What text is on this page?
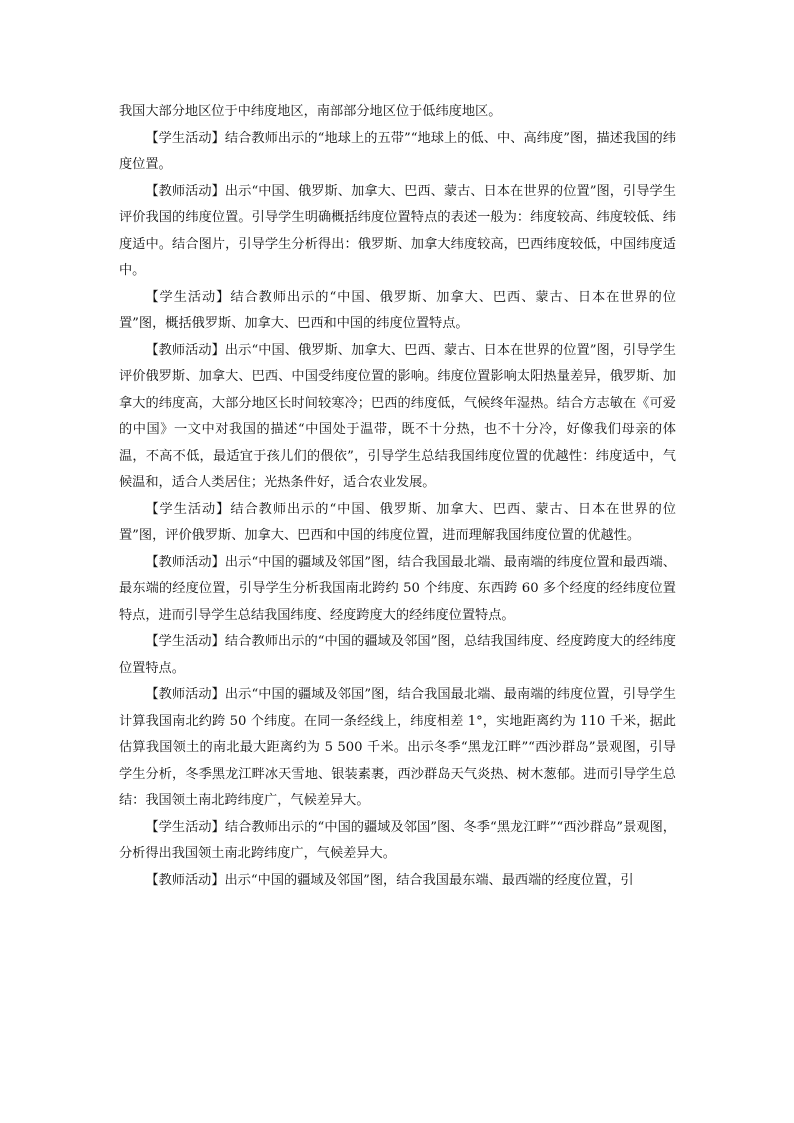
我国大部分地区位于中纬度地区，南部部分地区位于低纬度地区。

【学生活动】结合教师出示的“地球上的五带”“地球上的低、中、高纬度”图，描述我国的纬度位置。

【教师活动】出示“中国、俄罗斯、加拿大、巴西、蒙古、日本在世界的位置”图，引导学生评价我国的纬度位置。引导学生明确概括纬度位置特点的表述一般为：纬度较高、纬度较低、纬度适中。结合图片，引导学生分析得出：俄罗斯、加拿大纬度较高，巴西纬度较低，中国纬度适中。

【学生活动】结合教师出示的“中国、俄罗斯、加拿大、巴西、蒙古、日本在世界的位置”图，概括俄罗斯、加拿大、巴西和中国的纬度位置特点。

【教师活动】出示“中国、俄罗斯、加拿大、巴西、蒙古、日本在世界的位置”图，引导学生评价俄罗斯、加拿大、巴西、中国受纬度位置的影响。纬度位置影响太阳热量差异，俄罗斯、加拿大的纬度高，大部分地区长时间较寒冷；巴西的纬度低，气候终年湿热。结合方志敏在《可爱的中国》一文中对我国的描述“中国处于温带，既不十分热，也不十分冷，好像我们母亲的体温，不高不低，最适宜于孩儿们的偎依”，引导学生总结我国纬度位置的优越性：纬度适中，气候温和，适合人类居住；光热条件好，适合农业发展。

【学生活动】结合教师出示的“中国、俄罗斯、加拿大、巴西、蒙古、日本在世界的位置”图，评价俄罗斯、加拿大、巴西和中国的纬度位置，进而理解我国纬度位置的优越性。

【教师活动】出示“中国的疆域及邻国”图，结合我国最北端、最南端的纬度位置和最西端、最东端的经度位置，引导学生分析我国南北跨约 50 个纬度、东西跨 60 多个经度的经纬度位置特点，进而引导学生总结我国纬度、经度跨度大的经纬度位置特点。

【学生活动】结合教师出示的“中国的疆域及邻国”图，总结我国纬度、经度跨度大的经纬度位置特点。

【教师活动】出示“中国的疆域及邻国”图，结合我国最北端、最南端的纬度位置，引导学生计算我国南北约跨 50 个纬度。在同一条经线上，纬度相差 1°，实地距离约为 110 千米，据此估算我国领土的南北最大距离约为 5 500 千米。出示冬季“黑龙江畔”“西沙群岛”景观图，引导学生分析，冬季黑龙江畔冰天雪地、银装素裹，西沙群岛天气炎热、树木葱郁。进而引导学生总结：我国领土南北跨纬度广，气候差异大。

【学生活动】结合教师出示的“中国的疆域及邻国”图、冬季“黑龙江畔”“西沙群岛”景观图，分析得出我国领土南北跨纬度广，气候差异大。

【教师活动】出示“中国的疆域及邻国”图，结合我国最东端、最西端的经度位置，引
